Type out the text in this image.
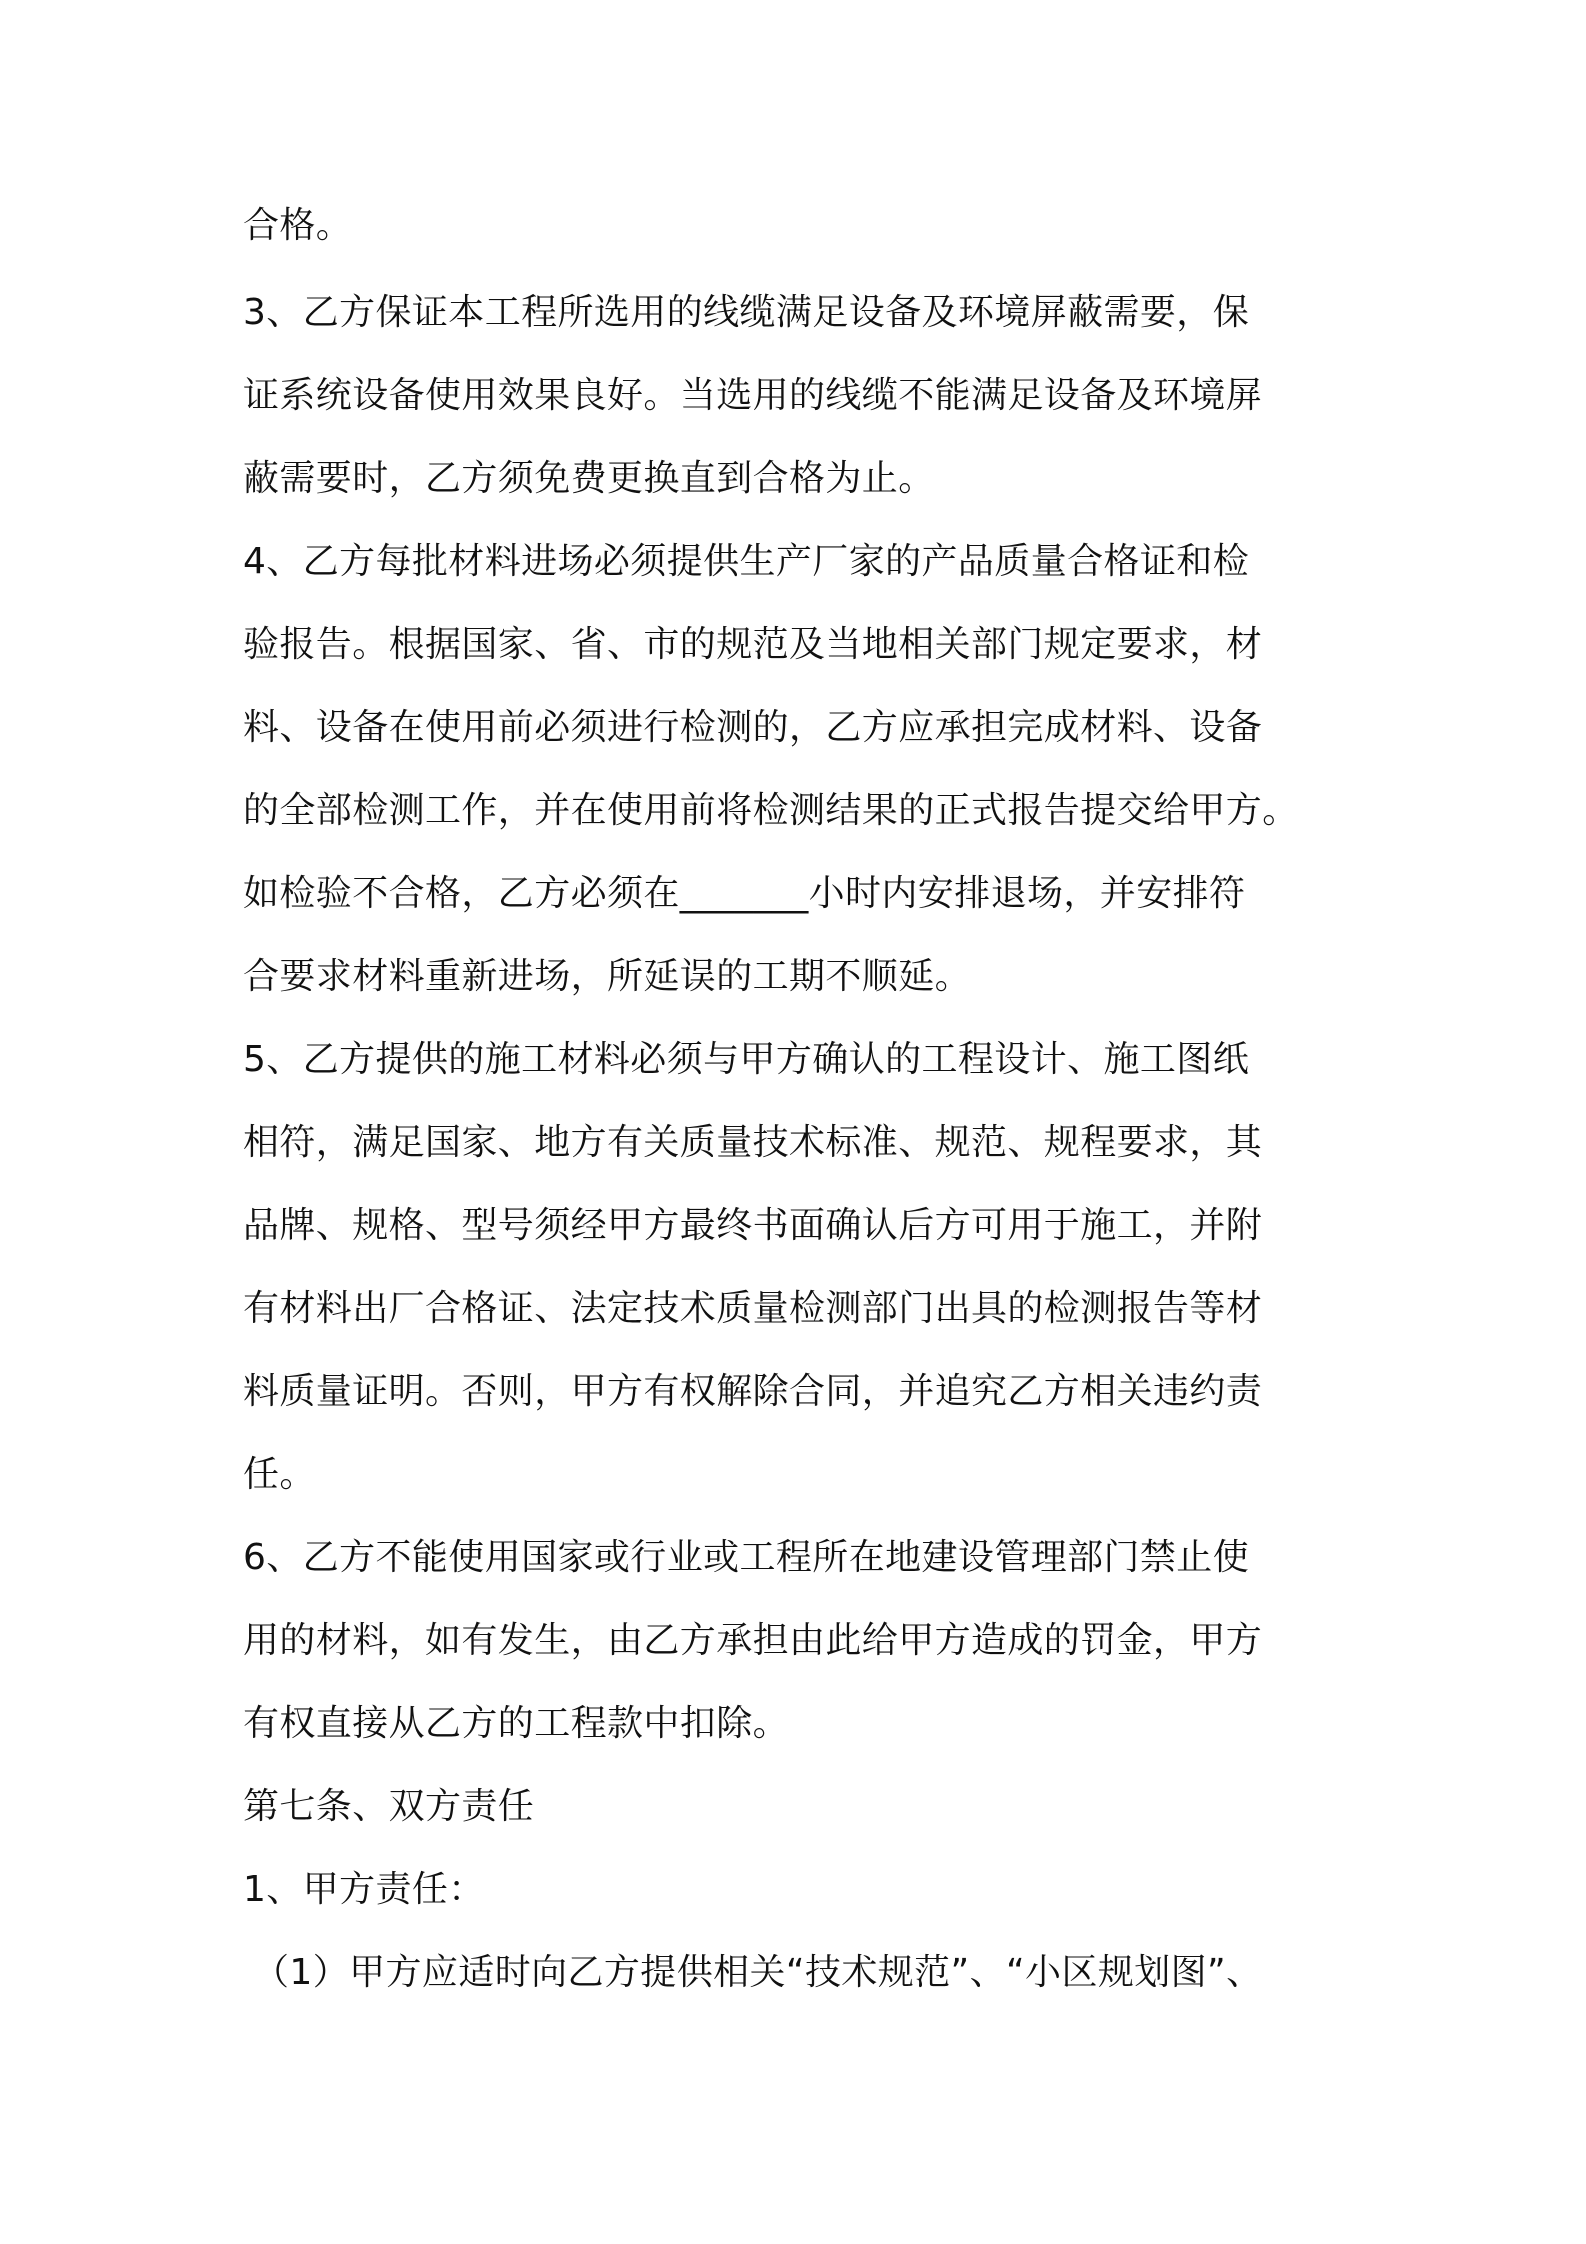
合格。
3、乙方保证本工程所选用的线缆满足设备及环境屏蔽需要，保
证系统设备使用效果良好。当选用的线缆不能满足设备及环境屏
蔽需要时，乙方须免费更换直到合格为止。
4、乙方每批材料进场必须提供生产厂家的产品质量合格证和检
验报告。根据国家、省、市的规范及当地相关部门规定要求，材
料、设备在使用前必须进行检测的，乙方应承担完成材料、设备
的全部检测工作，并在使用前将检测结果的正式报告提交给甲方。
如检验不合格，乙方必须在_______小时内安排退场，并安排符
合要求材料重新进场，所延误的工期不顺延。
5、乙方提供的施工材料必须与甲方确认的工程设计、施工图纸
相符，满足国家、地方有关质量技术标准、规范、规程要求，其
品牌、规格、型号须经甲方最终书面确认后方可用于施工，并附
有材料出厂合格证、法定技术质量检测部门出具的检测报告等材
料质量证明。否则，甲方有权解除合同，并追究乙方相关违约责
任。
6、乙方不能使用国家或行业或工程所在地建设管理部门禁止使
用的材料，如有发生，由乙方承担由此给甲方造成的罚金，甲方
有权直接从乙方的工程款中扣除。
第七条、双方责任
1、甲方责任：
（1）甲方应适时向乙方提供相关“技术规范”、“小区规划图”、
